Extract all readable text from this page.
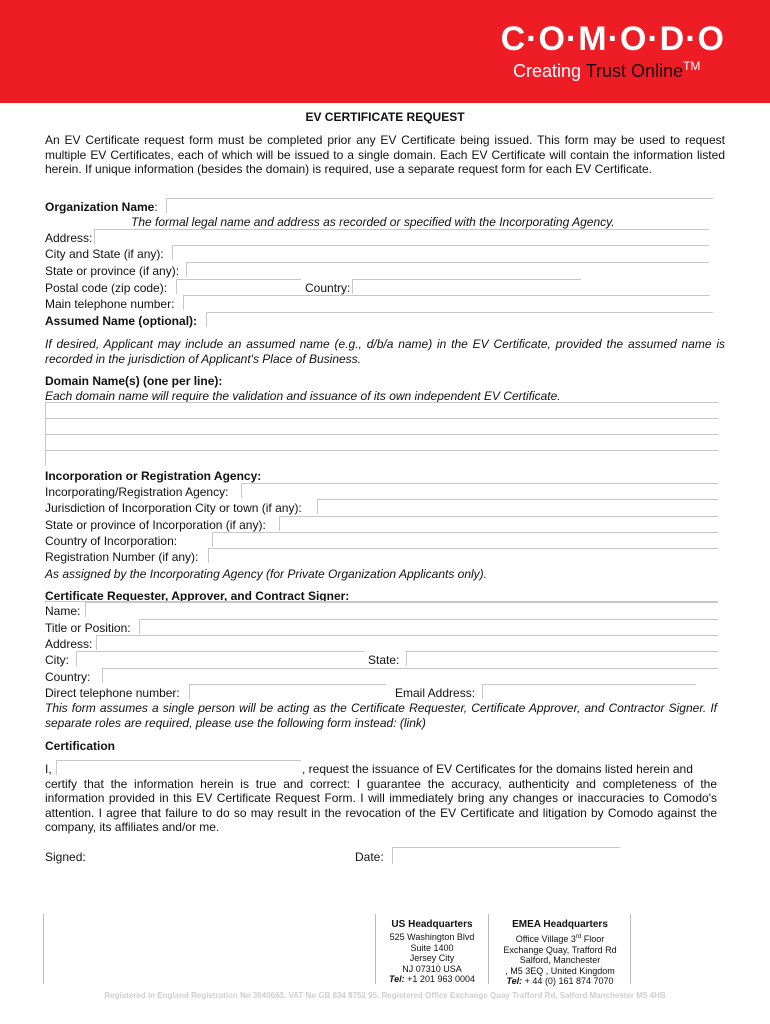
C·O·M·O·D·O
Creating Trust Online™
EV CERTIFICATE REQUEST
An EV Certificate request form must be completed prior any EV Certificate being issued. This form may be used to request multiple EV Certificates, each of which will be issued to a single domain. Each EV Certificate will contain the information listed herein. If unique information (besides the domain) is required, use a separate request form for each EV Certificate.
Organization Name:
The formal legal name and address as recorded or specified with the Incorporating Agency.
Address:
City and State (if any):
State or province (if any):
Postal code (zip code):	Country:
Main telephone number:
Assumed Name (optional):
If desired, Applicant may include an assumed name (e.g., d/b/a name) in the EV Certificate, provided the assumed name is recorded in the jurisdiction of Applicant's Place of Business.
Domain Name(s) (one per line):
Each domain name will require the validation and issuance of its own independent EV Certificate.
Incorporation or Registration Agency:
Incorporating/Registration Agency:
Jurisdiction of Incorporation City or town (if any):
State or province of Incorporation (if any):
Country of Incorporation:
Registration Number (if any):
As assigned by the Incorporating Agency (for Private Organization Applicants only).
Certificate Requester, Approver, and Contract Signer:
Name:
Title or Position:
Address:
City:	State:
Country:
Direct telephone number:	Email Address:
This form assumes a single person will be acting as the Certificate Requester, Certificate Approver, and Contractor Signer. If separate roles are required, please use the following form instead: (link)
Certification
I,	, request the issuance of EV Certificates for the domains listed herein and
certify that the information herein is true and correct: I guarantee the accuracy, authenticity and completeness of the information provided in this EV Certificate Request Form. I will immediately bring any changes or inaccuracies to Comodo's attention. I agree that failure to do so may result in the revocation of the EV Certificate and litigation by Comodo against the company, its affiliates and/or me.
Signed:	Date:
US Headquarters
525 Washington Blvd
Suite 1400
Jersey City
NJ 07310 USA
Tel: +1 201 963 0004
EMEA Headquarters
Office Village 3rd Floor
Exchange Quay, Trafford Rd
Salford, Manchester
, M5 3EQ , United Kingdom
Tel: + 44 (0) 161 874 7070
Registered in England Registration No 3940663. VAT No GB 834 8752 95. Registered Office Exchange Quay Trafford Rd, Salford Manchester M5 4HB
